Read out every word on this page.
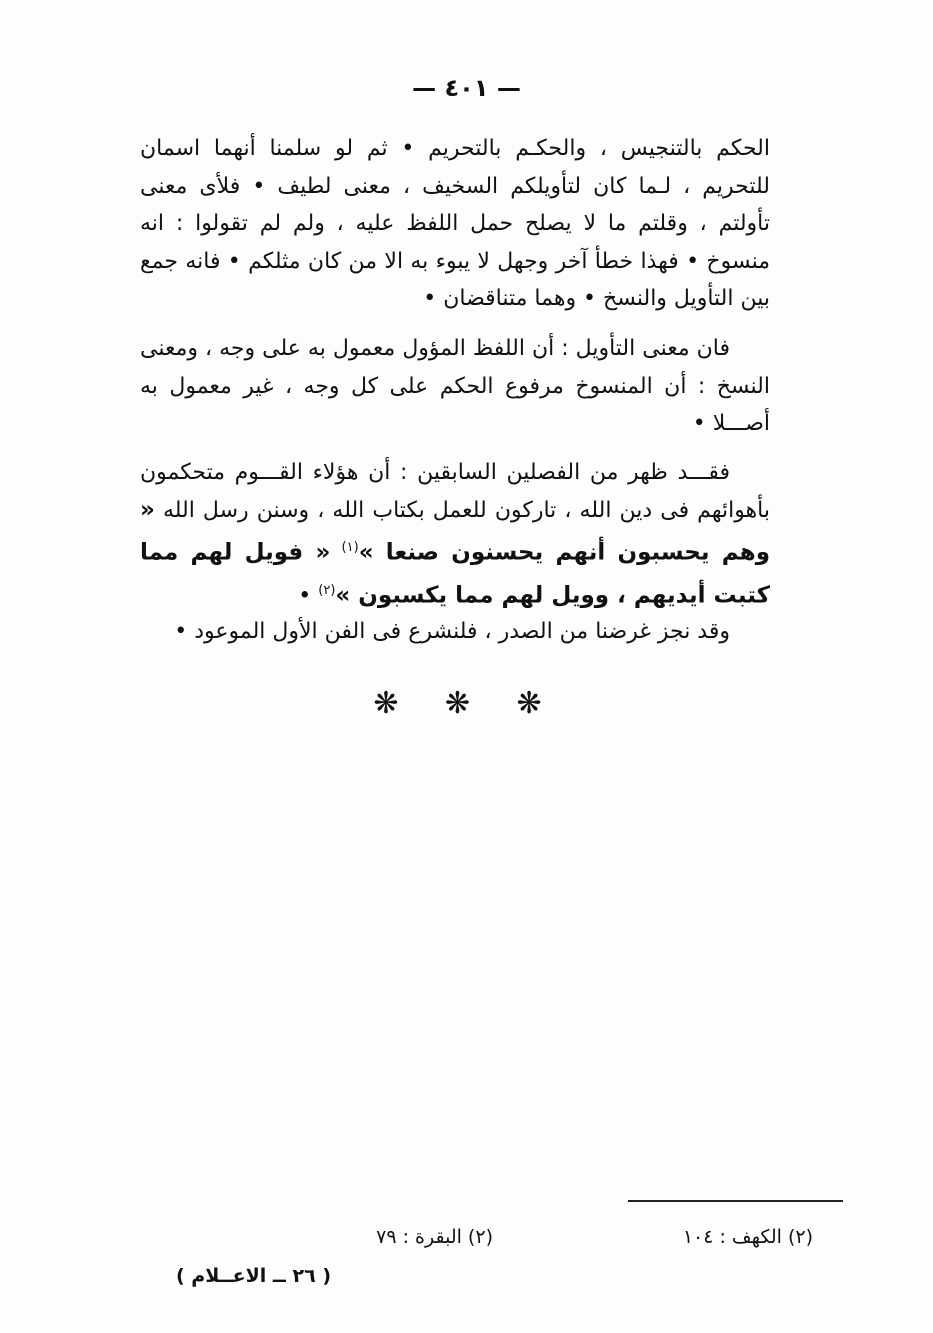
— ٤٠١ —

الحكم بالتنجيس ، والحكـم بالتحريم • ثم لو سلمنا أنهما اسمان للتحريم ، لـما كان لتأويلكم السخيف ، معنى لطيف • فلأى معنى تأولتم ، وقلتم ما لا يصلح حمل اللفظ عليه ، ولم لم تقولوا : انه منسوخ • فهذا خطأ آخر وجهل لا يبوء به الا من كان مثلكم • فانه جمع بين التأويل والنسخ • وهما متناقضان •

فان معنى التأويل : أن اللفظ المؤول معمول به على وجه ، ومعنى النسخ : أن المنسوخ مرفوع الحكم على كل وجه ، غير معمول به أصـــلا •

فقـــد ظهر من الفصلين السابقين : أن هؤلاء القـــوم متحكمون بأهوائهم فى دين الله ، تاركون للعمل بكتاب الله ، وسنن رسل الله « وهم يحسبون أنهم يحسنون صنعا »$^{(١)}$ « فويل لهم مما كتبت أيديهم ، وويل لهم مما يكسبون »$^{(٢)}$ •

وقد نجز غرضنا من الصدر ، فلنشرع فى الفن الأول الموعود •

❋ ❋ ❋
(٢) الكهف : ١٠٤
(٢) البقرة : ٧٩
( ٢٦ ــ الاعــلام )
